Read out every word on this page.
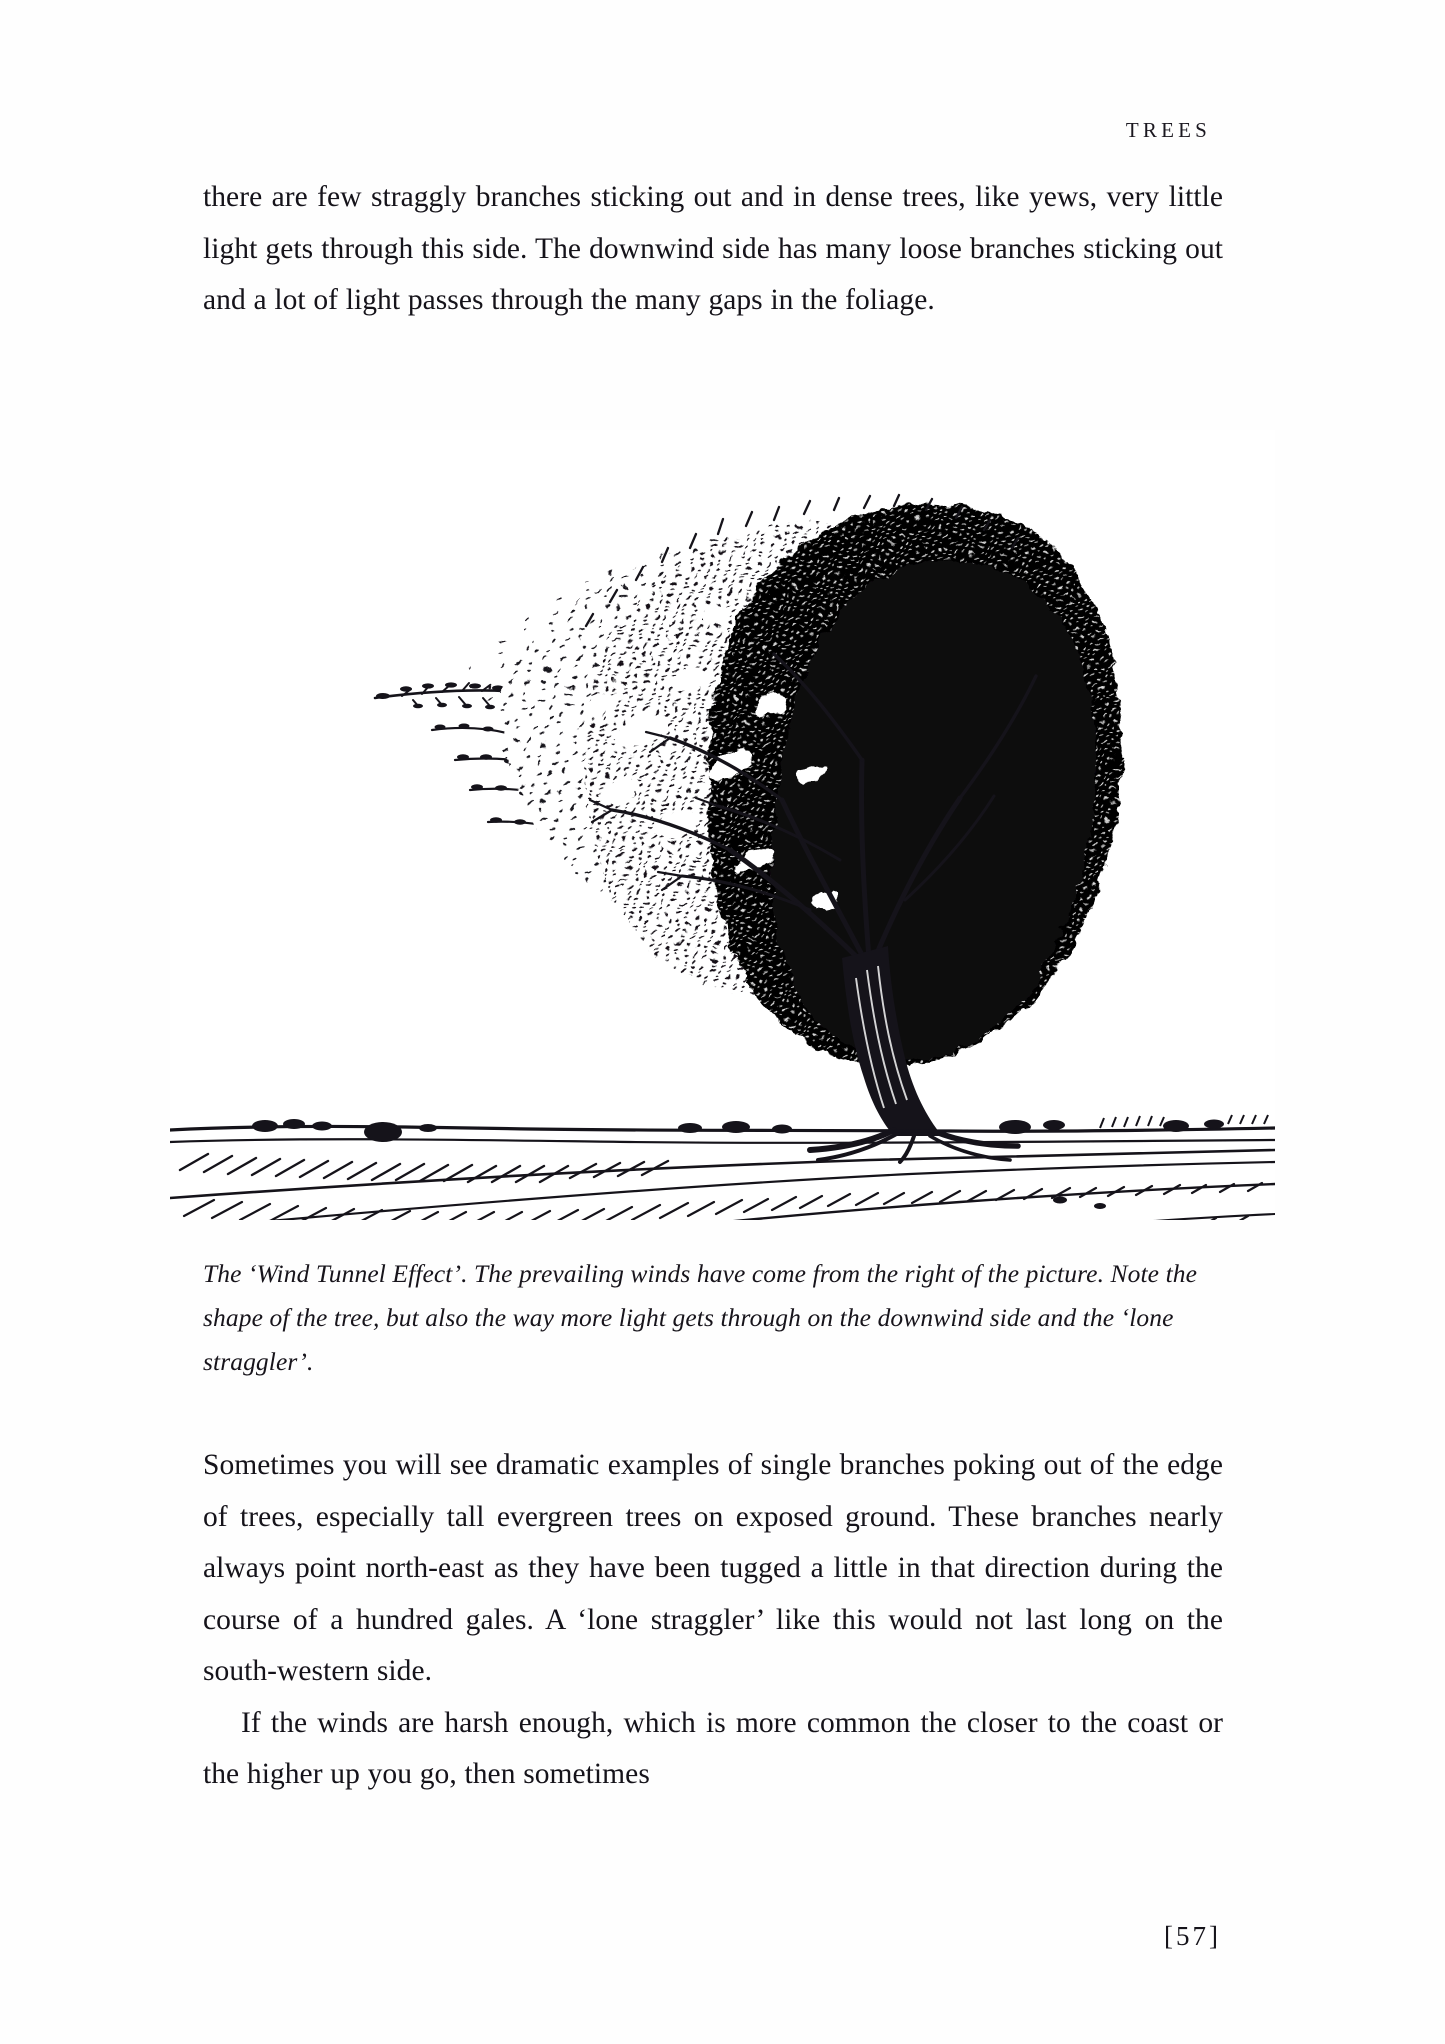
TREES

there are few straggly branches sticking out and in dense trees, like yews, very little light gets through this side. The downwind side has many loose branches sticking out and a lot of light passes through the many gaps in the foliage.

The ‘Wind Tunnel Effect’. The prevailing winds have come from the right of the picture. Note the shape of the tree, but also the way more light gets through on the downwind side and the ‘lone straggler’.

Sometimes you will see dramatic examples of single branches poking out of the edge of trees, especially tall evergreen trees on exposed ground. These branches nearly always point north-east as they have been tugged a little in that direction during the course of a hundred gales. A ‘lone straggler’ like this would not last long on the south-western side.

If the winds are harsh enough, which is more common the closer to the coast or the higher up you go, then sometimes

[57]
